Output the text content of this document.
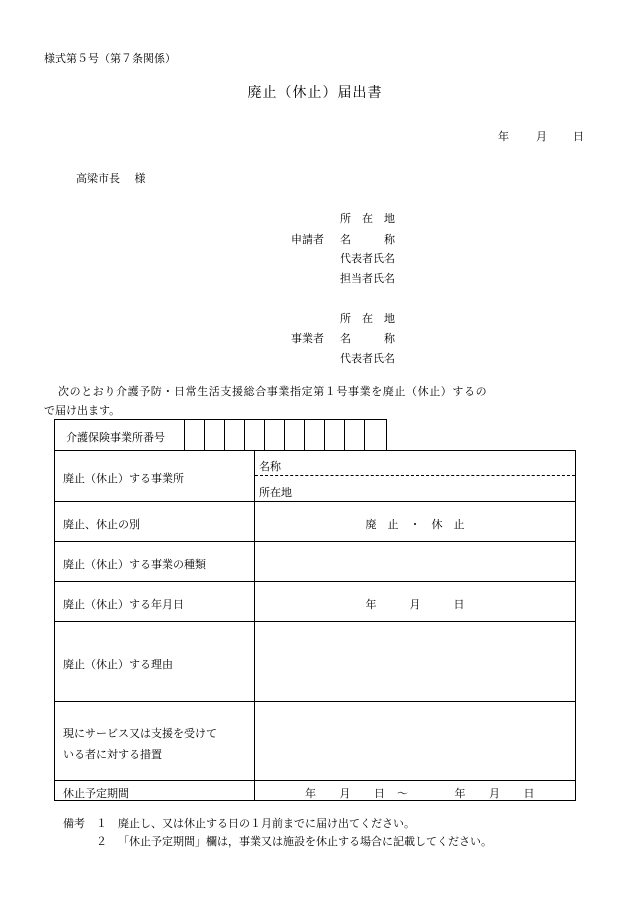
様式第５号（第７条関係）
廃止（休止）届出書
年 月 日
高梁市長　 様
申請者
所　在　地
名　　　称
代表者氏名
担当者氏名
事業者
所　在　地
名　　　称
代表者氏名
次のとおり介護予防・日常生活支援総合事業指定第１号事業を廃止（休止）するの
で届け出ます。
介護保険事業所番号
廃止（休止）する事業所
名称
所在地
廃止、休止の別	廃　止　・　休　止
廃止（休止）する事業の種類
廃止（休止）する年月日	年　　　月　　　日
廃止（休止）する理由
現にサービス又は支援を受けて
いる者に対する措置
休止予定期間	年　　月　　日　～　　　　年　　月　　日
備考 １ 廃止し、又は休止する日の１月前までに届け出てください。
２ 「休止予定期間」欄は，事業又は施設を休止する場合に記載してください。
